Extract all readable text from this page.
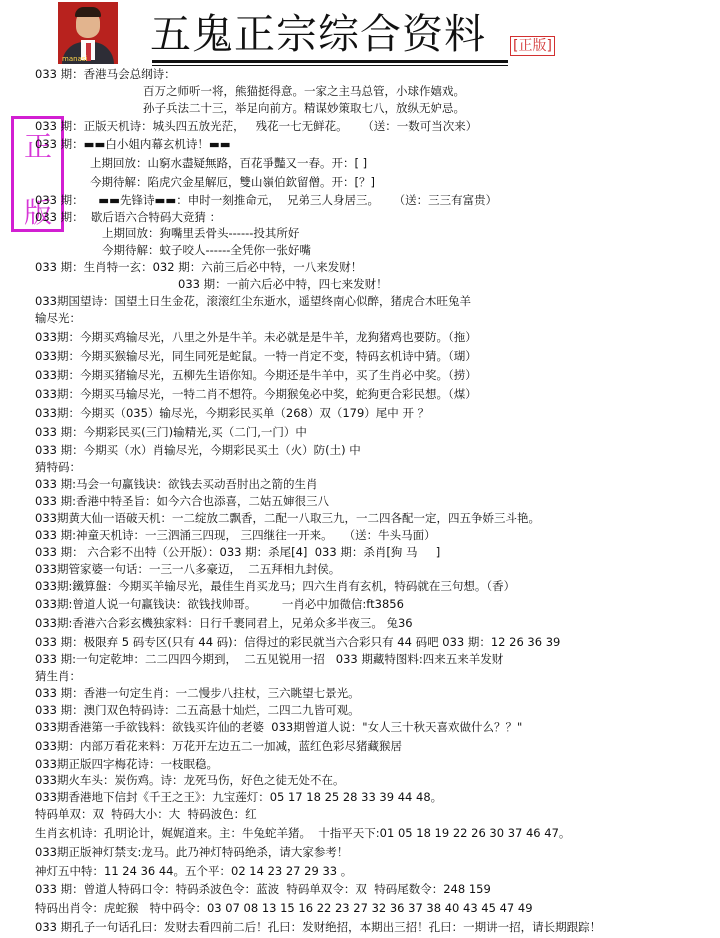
manasi
五鬼正宗综合资料 [正版]
正
版
033 期：香港马会总纲诗：
百万之师听一将，熊猫挺得意。一家之主马总管，小球作嬉戏。
孙子兵法二十三，举足向前方。精谋妙策取七八，放纵无妒忌。
033 期：正版天机诗：城头四五放光茫，   残花一七无鲜花。    （送：一数可当次来）
033 期：▬▬白小姐内幕玄机诗！▬▬
上期回放：山窮水盡疑無路，百花爭豔又一春。开：[ ]
今期待解：陷虎穴金星解厄，雙山嶺伯欽留僧。开：[？]
033 期：    ▬▬先锋诗▬▬：申时一刻推命元，  兄弟三人身居三。    （送：三三有富贵）
033 期：  歇后语六合特码大竞猜 ：
上期回放：狗嘴里丢骨头------投其所好
今期待解：蚊子咬人------全凭你一张好嘴
033 期：生肖特一玄：032 期：六前三后必中特，一八来发财！
033 期：一前六后必中特，四七来发财！
033期国望诗：国望土日生金花，滚滚红尘东逝水，遥望终南心似醉，猪虎合木旺兔羊
输尽光：
033期：今期买鸡输尽光，八里之外是牛羊。未必就是是牛羊，龙狗猪鸡也要防。（拖）
033期：今期买猴输尽光，同生同死是蛇鼠。一特一肖定不变，特码玄机诗中猜。（瑚）
033期：今期买猪输尽光，五柳先生语你知。今期还是牛羊中，买了生肖必中奖。（捞）
033期：今期买马输尽光，一特二肖不想符。今期猴兔必中奖，蛇狗更合彩民想。（煤）
033期：今期买（035）输尽光，今期彩民买单（268）双（179）尾中 开 ？
033 期：今期彩民买(三门)输精光,买（二门,一门）中
033 期：今期买（水）肖输尽光，今期彩民买土（火）防(土) 中
猜特码：
033 期:马会一句赢钱诀：欲钱去买动吾肘出之箭的生肖
033 期:香港中特圣旨：如今六合也添喜，二姑五婶很三八
033期黄大仙一语破天机：一二绽放二飘香，二配一八取三九，一二四各配一定，四五争娇三斗艳。
033 期:神童天机诗：一三泗涌三四现， 三四继往一开来。   （送：牛头马面）
033 期： 六合彩不出特（公开版）：033 期：杀尾[4]  033 期：杀肖[狗 马     ]
033期管家婆一句话：一三一八多豪迈，  二五拜相九封侯。
033期:鐵算盤：今期买羊输尽光，最佳生肖买龙马；四六生肖有玄机，特码就在三句想。（香）
033期:曾道人说一句赢钱诀：欲钱找帅哥。       一肖必中加微信:ft3856
033期:香港六合彩玄機独家料：日行千裹同君上，兄弟众多半夜三。 兔36
033 期：极限弃 5 码专区(只有 44 码)：信得过的彩民就当六合彩只有 44 码吧 033 期：12 26 36 39
033 期:一句定乾坤：二二四四今期到，  二五见锐用一招   033 期藏特图料:四来五来羊发财
猜生肖：
033 期：香港一句定生肖：一二慢步八拄杖，三六眺望七景光。
033 期：澳门双色特码诗：二五高悬十灿烂，二四二九皆可观。
033期香港第一手欲钱料：欲钱买许仙的老婆  033期曾道人说："女人三十秋天喜欢做什么？？"
033期：内部万看花来料：万花开左边五二一加减，蓝红色彩尽猪藏猴居
033期正版四字梅花诗：一枝眠稳。
033期火车头：炭伤鸡。诗：龙死马伤，好色之徒无处不在。
033期香港地下信封《千王之王》：九宝莲灯：05 17 18 25 28 33 39 44 48。
特码单双：双  特码大小：大  特码波色：红
生肖玄机诗：孔明论计，娓娓道来。主：牛兔蛇羊猪。  十指平天下:01 05 18 19 22 26 30 37 46 47。
033期正版神灯禁支:龙马。此乃神灯特码绝杀，请大家参考！
神灯五中特：11 24 36 44。五个平：02 14 23 27 29 33 。
033 期：曾道人特码口令：特码杀波色令：蓝波  特码单双令：双  特码尾数令：248 159
特码出肖令：虎蛇猴   特中码令：03 07 08 13 15 16 22 23 27 32 36 37 38 40 43 45 47 49
033 期孔子一句话孔曰：发财去看四前二后！孔曰：发财绝招，本期出三招！孔曰：一期讲一招，请长期跟踪！
